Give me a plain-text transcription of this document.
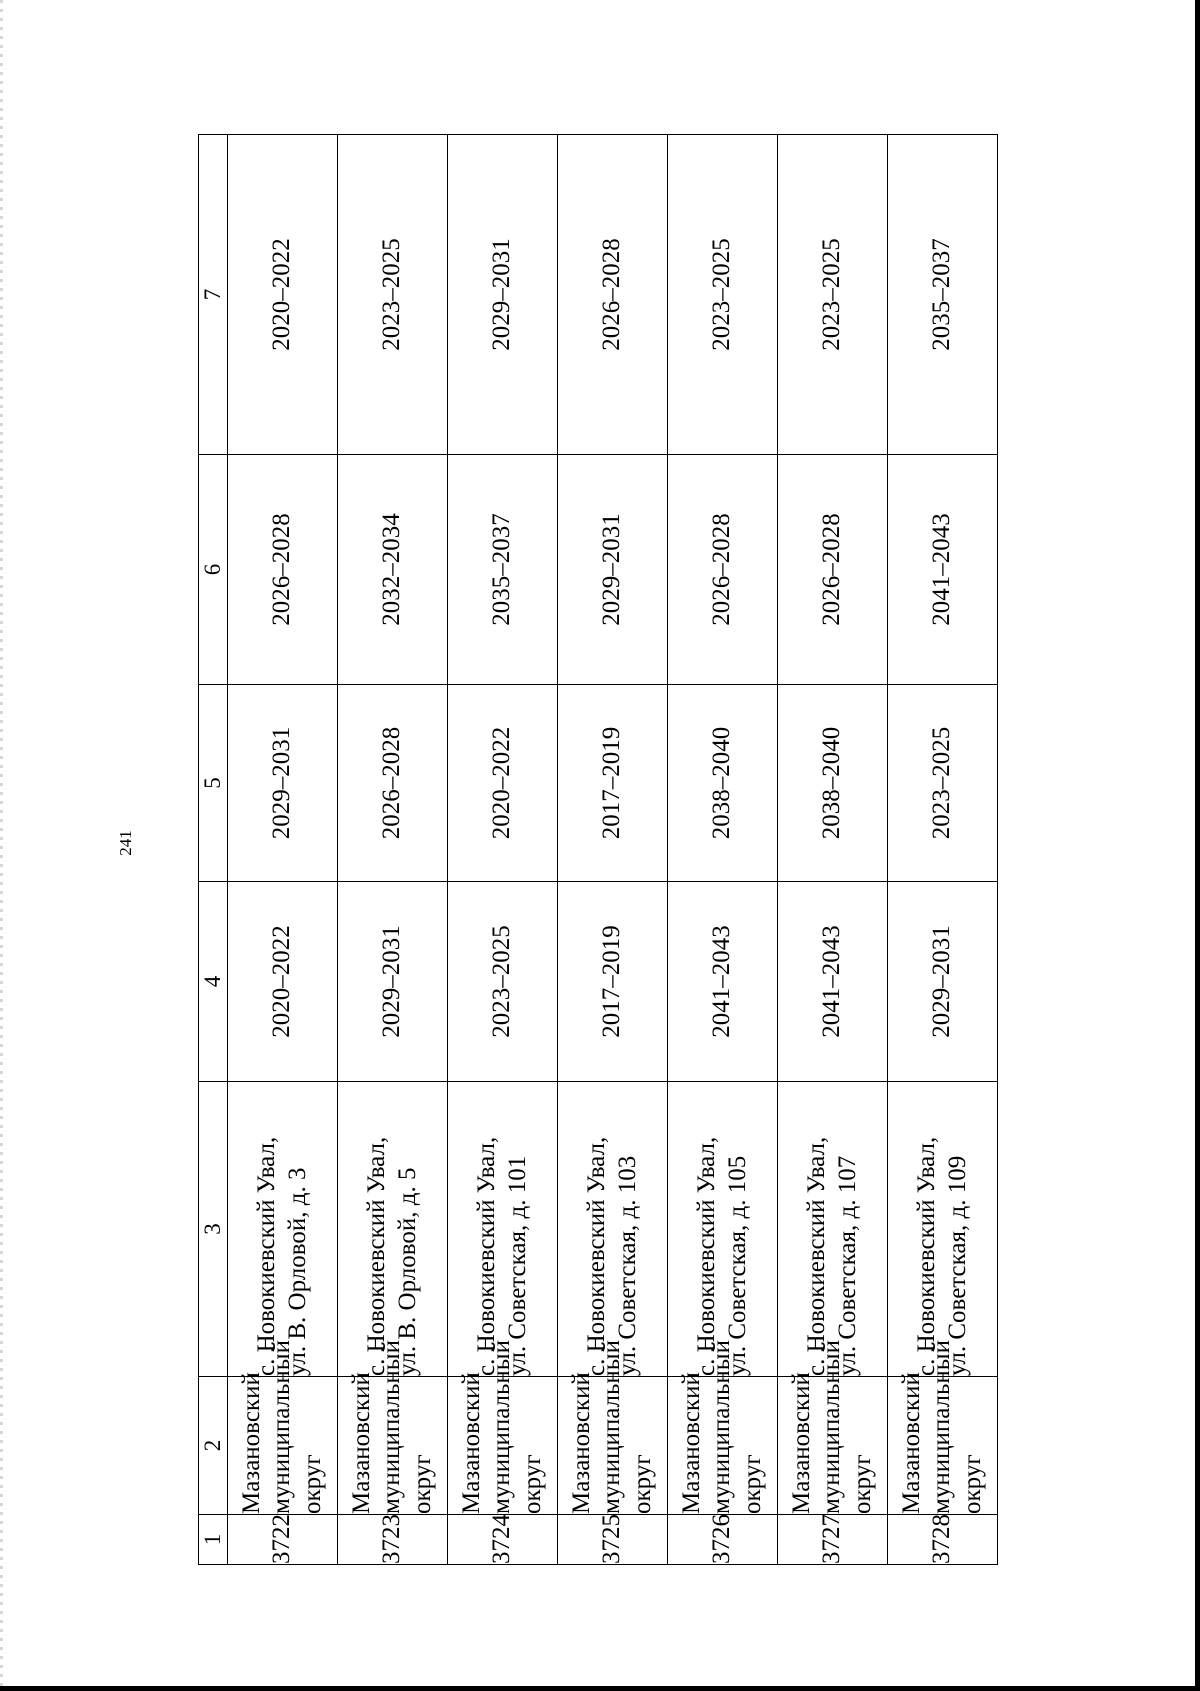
241
1	2	3	4	5	6	7
3722	Мазановский муниципальный округ	с. Новокиевский Увал, ул. В. Орловой, д. 3	2020–2022	2029–2031	2026–2028	2020–2022
3723	Мазановский муниципальный округ	с. Новокиевский Увал, ул. В. Орловой, д. 5	2029–2031	2026–2028	2032–2034	2023–2025
3724	Мазановский муниципальный округ	с. Новокиевский Увал, ул. Советская, д. 101	2023–2025	2020–2022	2035–2037	2029–2031
3725	Мазановский муниципальный округ	с. Новокиевский Увал, ул. Советская, д. 103	2017–2019	2017–2019	2029–2031	2026–2028
3726	Мазановский муниципальный округ	с. Новокиевский Увал, ул. Советская, д. 105	2041–2043	2038–2040	2026–2028	2023–2025
3727	Мазановский муниципальный округ	с. Новокиевский Увал, ул. Советская, д. 107	2041–2043	2038–2040	2026–2028	2023–2025
3728	Мазановский муниципальный округ	с. Новокиевский Увал, ул. Советская, д. 109	2029–2031	2023–2025	2041–2043	2035–2037
